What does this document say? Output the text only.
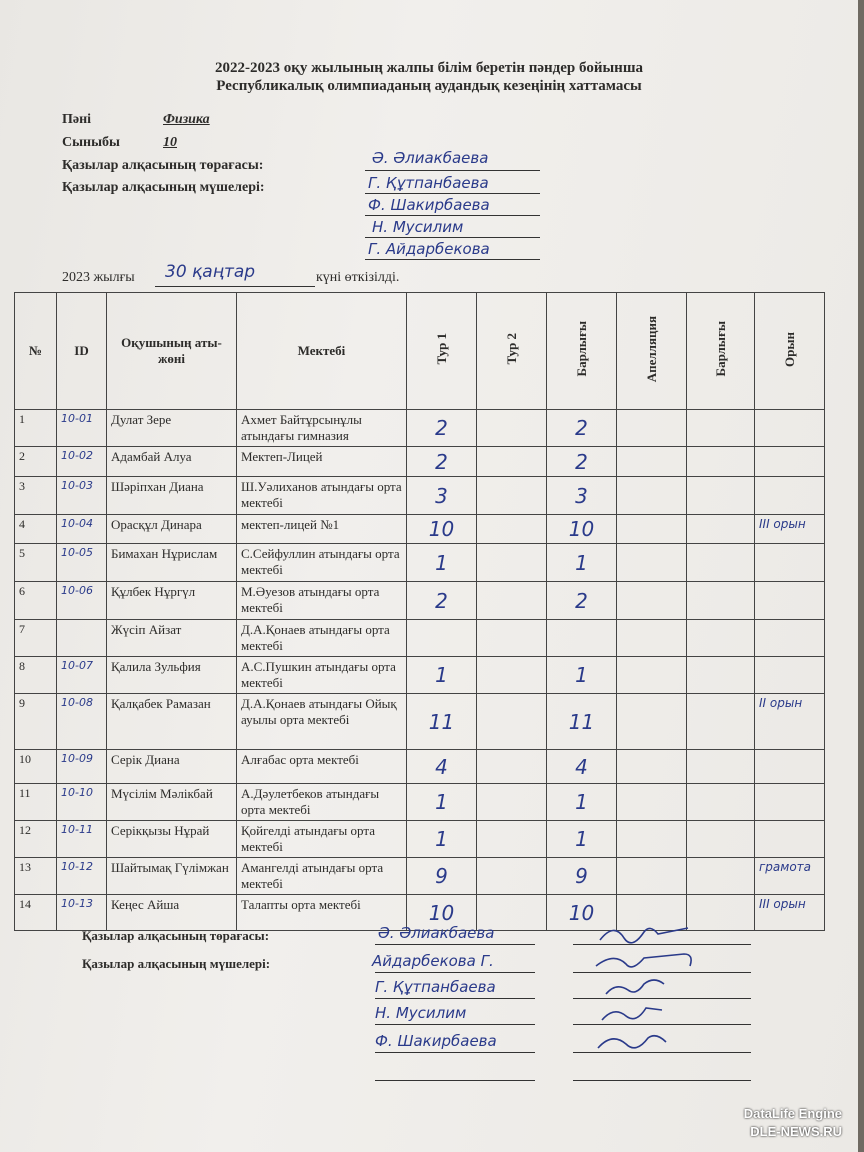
2022-2023 оқу жылының жалпы білім беретін пәндер бойынша
Республикалық олимпиаданың аудандық кезеңінің хаттамасы
Пәні	Физика
Сыныбы	10
Қазылар алқасының төрағасы:
Қазылар алқасының мүшелері:
Ә. Әлиакбаева
Г. Құтпанбаева
Ф. Шакирбаева
Н. Мусилим
Г. Айдарбекова
2023 жылғы 30 қаңтар	күні өткізілді.
№	ID	Оқушының аты-жөні	Мектебі	Тур 1	Тур 2	Барлығы	Апелляция	Барлығы	Орын
1	10-01	Дулат Зере	Ахмет Байтұрсынұлы атындағы гимназия	2		2			
2	10-02	Адамбай Алуа	Мектеп-Лицей	2		2			
3	10-03	Шәріпхан Диана	Ш.Уәлиханов атындағы орта мектебі	3		3			
4	10-04	Орасқұл Динара	мектеп-лицей №1	10		10			III орын
5	10-05	Бимахан Нұрислам	С.Сейфуллин атындағы орта мектебі	1		1			
6	10-06	Құлбек Нұргүл	М.Әуезов атындағы орта мектебі	2		2			
7		Жүсіп Айзат	Д.А.Қонаев атындағы орта мектебі						
8	10-07	Қалила Зульфия	А.С.Пушкин атындағы орта мектебі	1		1			
9	10-08	Қалқабек Рамазан	Д.А.Қонаев атындағы Ойық ауылы орта мектебі	11		11			II орын
10	10-09	Серік Диана	Алғабас орта мектебі	4		4			
11	10-10	Мүсілім Мәлікбай	А.Дәулетбеков атындағы орта мектебі	1		1			
12	10-11	Серікқызы Нұрай	Қойгелді атындағы орта мектебі	1		1			
13	10-12	Шайтымақ Гүлімжан	Амангелді атындағы орта мектебі	9		9			грамота
14	10-13	Кеңес Айша	Талапты орта мектебі	10		10			III орын
Қазылар алқасының төрағасы:
Қазылар алқасының мүшелері:
Ә. Әлиакбаева
Айдарбекова Г.
Г. Құтпанбаева
Н. Мусилим
Ф. Шакирбаева
DataLife Engine
DLE-NEWS.RU
